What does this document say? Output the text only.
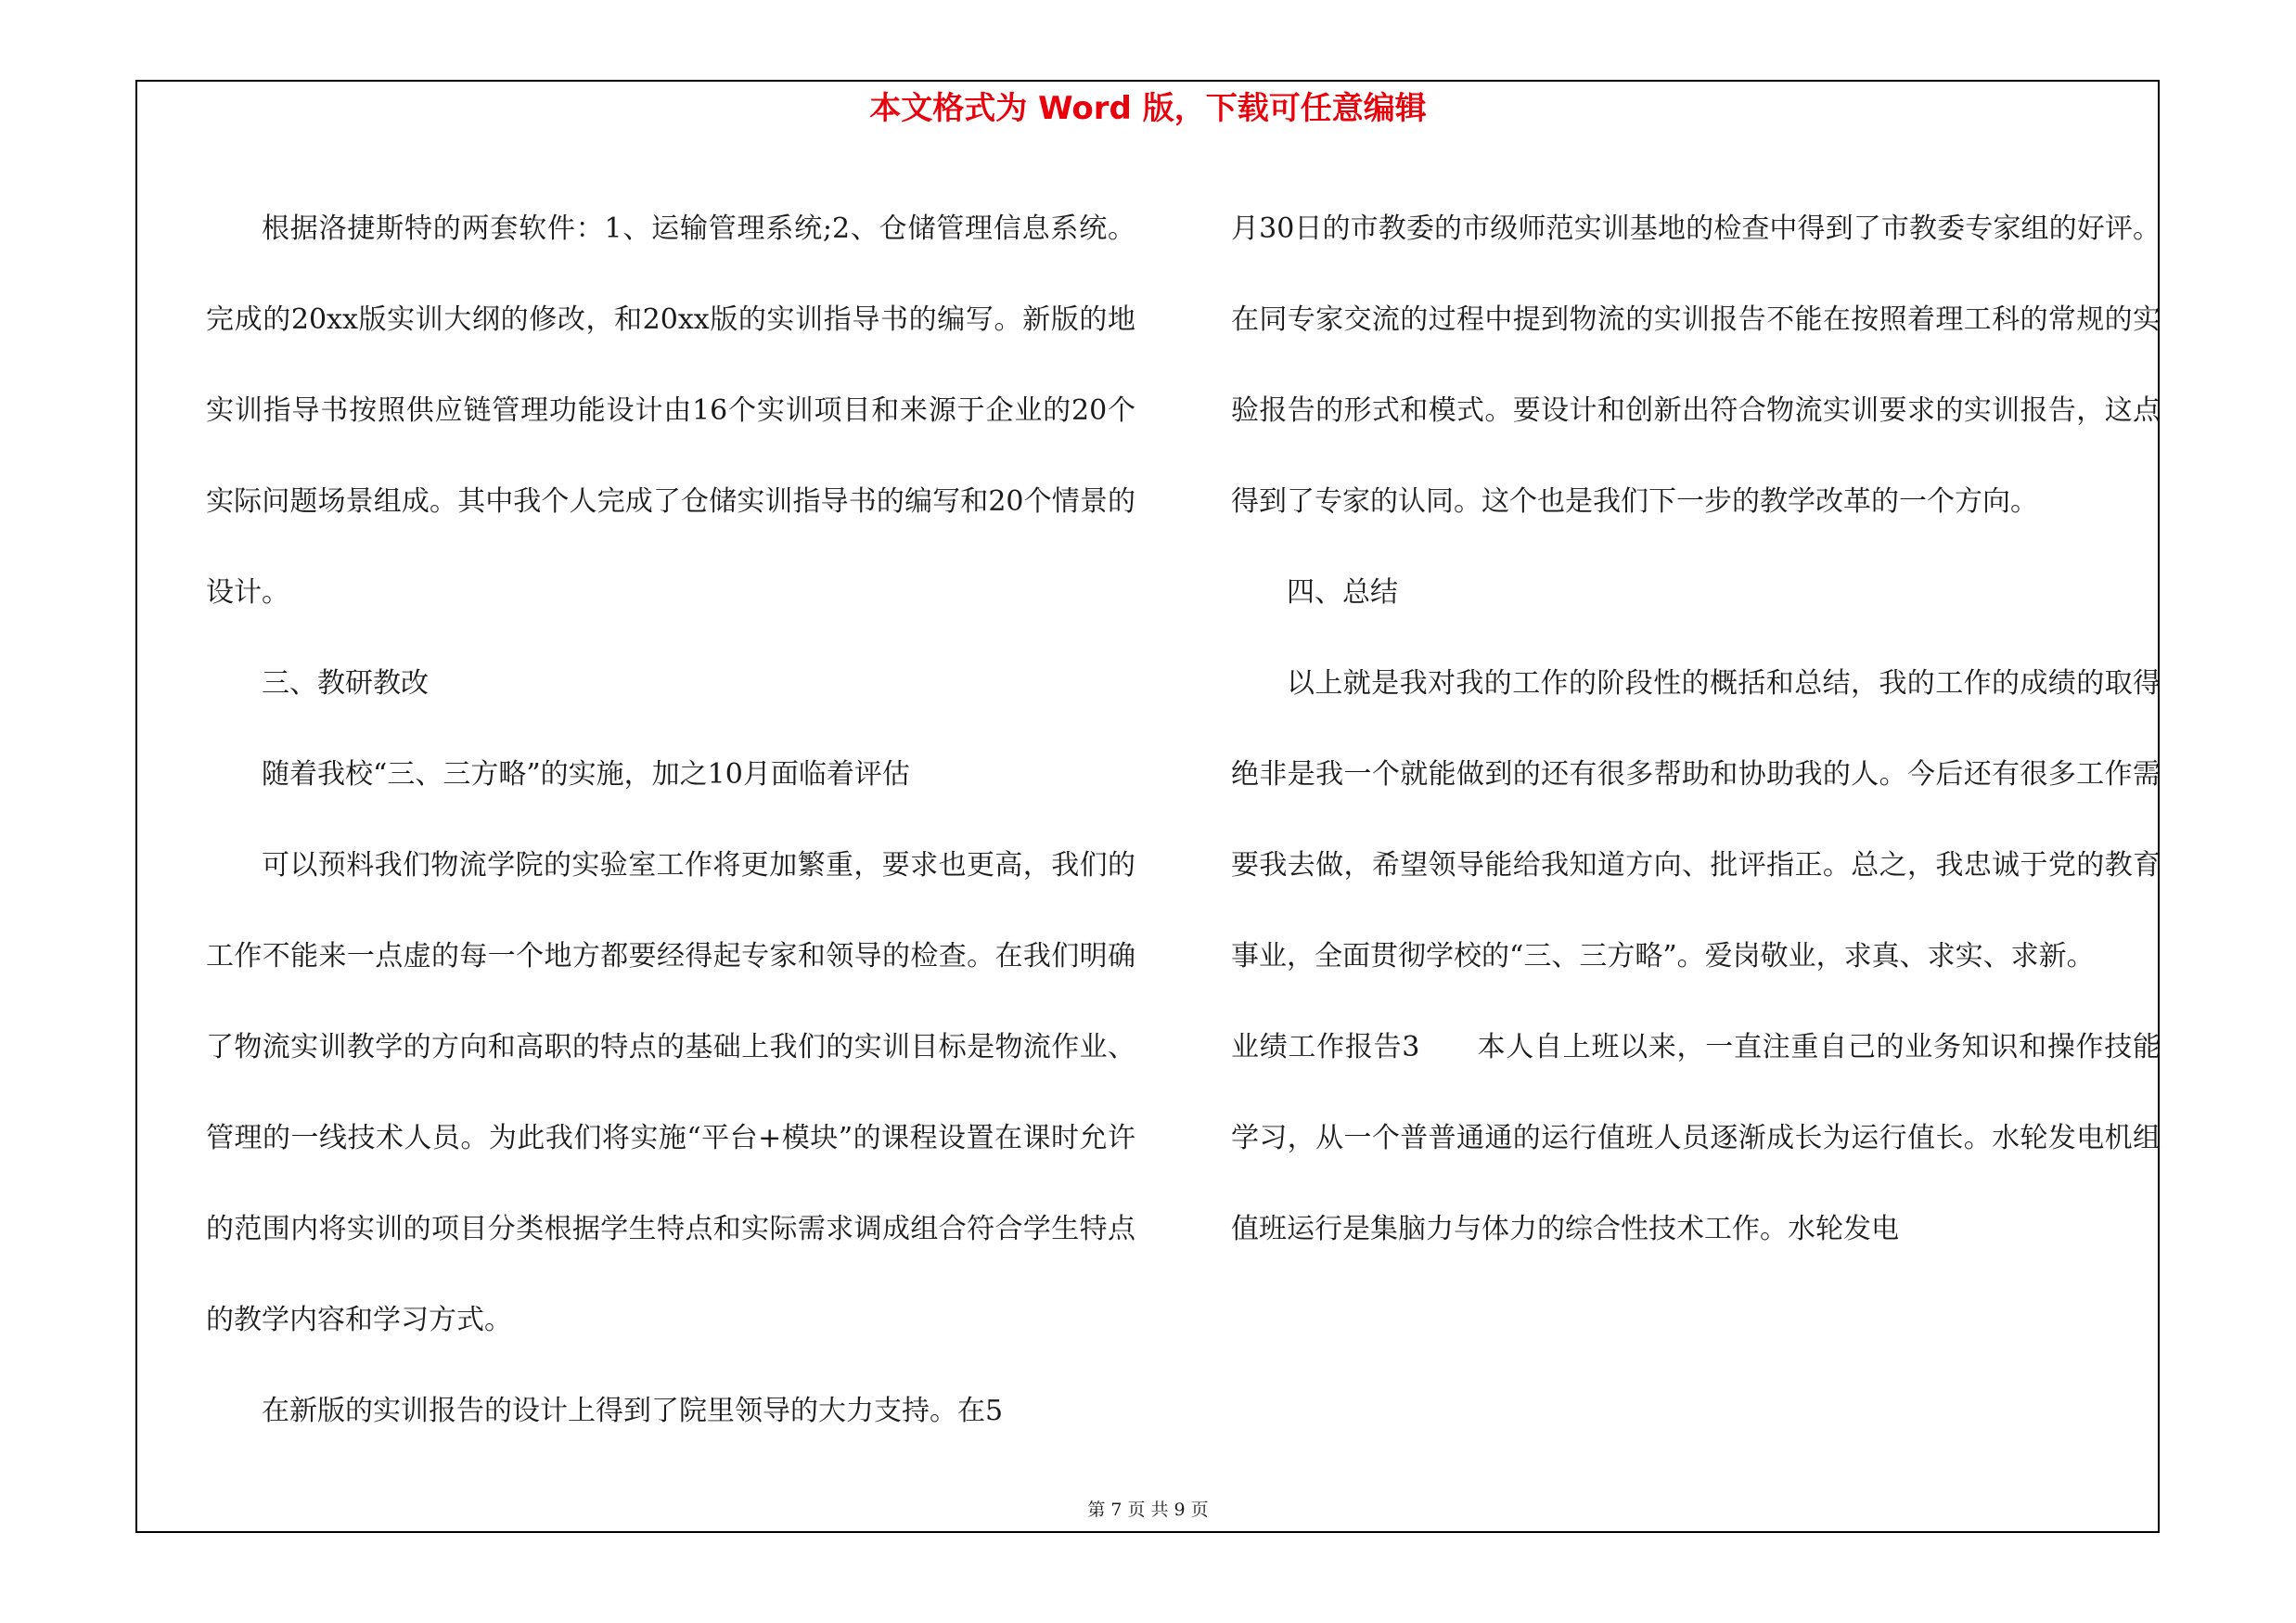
本文格式为 Word 版，下载可任意编辑

根据洛捷斯特的两套软件：1、运输管理系统;2、仓储管理信息系统。完成的20xx版实训大纲的修改，和20xx版的实训指导书的编写。新版的地实训指导书按照供应链管理功能设计由16个实训项目和来源于企业的20个实际问题场景组成。其中我个人完成了仓储实训指导书的编写和20个情景的设计。

三、教研教改

随着我校“三、三方略”的实施，加之10月面临着评估

可以预料我们物流学院的实验室工作将更加繁重，要求也更高，我们的工作不能来一点虚的每一个地方都要经得起专家和领导的检查。在我们明确了物流实训教学的方向和高职的特点的基础上我们的实训目标是物流作业、管理的一线技术人员。为此我们将实施“平台+模块”的课程设置在课时允许的范围内将实训的项目分类根据学生特点和实际需求调成组合符合学生特点的教学内容和学习方式。

在新版的实训报告的设计上得到了院里领导的大力支持。在5

月30日的市教委的市级师范实训基地的检查中得到了市教委专家组的好评。在同专家交流的过程中提到物流的实训报告不能在按照着理工科的常规的实验报告的形式和模式。要设计和创新出符合物流实训要求的实训报告，这点得到了专家的认同。这个也是我们下一步的教学改革的一个方向。

四、总结

以上就是我对我的工作的阶段性的概括和总结，我的工作的成绩的取得绝非是我一个就能做到的还有很多帮助和协助我的人。今后还有很多工作需要我去做，希望领导能给我知道方向、批评指正。总之，我忠诚于党的教育事业，全面贯彻学校的“三、三方略”。爱岗敬业，求真、求实、求新。

业绩工作报告3　　本人自上班以来，一直注重自己的业务知识和操作技能学习，从一个普普通通的运行值班人员逐渐成长为运行值长。水轮发电机组值班运行是集脑力与体力的综合性技术工作。水轮发电

第 7 页 共 9 页
